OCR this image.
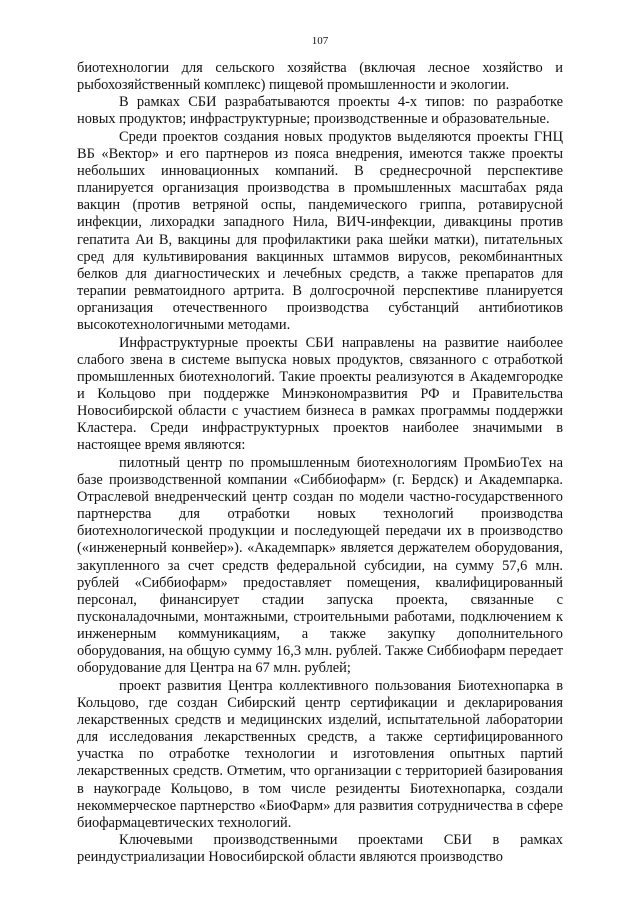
107

биотехнологии для сельского хозяйства (включая лесное хозяйство и рыбохозяйственный комплекс) пищевой промышленности и экологии.

В рамках СБИ разрабатываются проекты 4-х типов: по разработке новых продуктов; инфраструктурные; производственные и образовательные.

Среди проектов создания новых продуктов выделяются проекты ГНЦ ВБ «Вектор» и его партнеров из пояса внедрения, имеются также проекты небольших инновационных компаний. В среднесрочной перспективе планируется организация производства в промышленных масштабах ряда вакцин (против ветряной оспы, пандемического гриппа, ротавирусной инфекции, лихорадки западного Нила, ВИЧ-инфекции, дивакцины против гепатита Аи В, вакцины для профилактики рака шейки матки), питательных сред для культивирования вакцинных штаммов вирусов, рекомбинантных белков для диагностических и лечебных средств, а также препаратов для терапии ревматоидного артрита. В долгосрочной перспективе планируется организация отечественного производства субстанций антибиотиков высокотехнологичными методами.

Инфраструктурные проекты СБИ направлены на развитие наиболее слабого звена в системе выпуска новых продуктов, связанного с отработкой промышленных биотехнологий. Такие проекты реализуются в Академгородке и Кольцово при поддержке Минэкономразвития РФ и Правительства Новосибирской области с участием бизнеса в рамках программы поддержки Кластера. Среди инфраструктурных проектов наиболее значимыми в настоящее время являются:

пилотный центр по промышленным биотехнологиям ПромБиоТех на базе производственной компании «Сиббиофарм» (г. Бердск) и Академпарка. Отраслевой внедренческий центр создан по модели частно-государственного партнерства для отработки новых технологий производства биотехнологической продукции и последующей передачи их в производство («инженерный конвейер»). «Академпарк» является держателем оборудования, закупленного за счет средств федеральной субсидии, на сумму 57,6 млн. рублей «Сиббиофарм» предоставляет помещения, квалифицированный персонал, финансирует стадии запуска проекта, связанные с пусконаладочными, монтажными, строительными работами, подключением к инженерным коммуникациям, а также закупку дополнительного оборудования, на общую сумму 16,3 млн. рублей. Также Сиббиофарм передает оборудование для Центра на 67 млн. рублей;

проект развития Центра коллективного пользования Биотехнопарка в Кольцово, где создан Сибирский центр сертификации и декларирования лекарственных средств и медицинских изделий, испытательной лаборатории для исследования лекарственных средств, а также сертифицированного участка по отработке технологии и изготовления опытных партий лекарственных средств. Отметим, что организации с территорией базирования в наукограде Кольцово, в том числе резиденты Биотехнопарка, создали некоммерческое партнерство «БиоФарм» для развития сотрудничества в сфере биофармацевтических технологий.

Ключевыми производственными проектами СБИ в рамках реиндустриализации Новосибирской области являются производство
